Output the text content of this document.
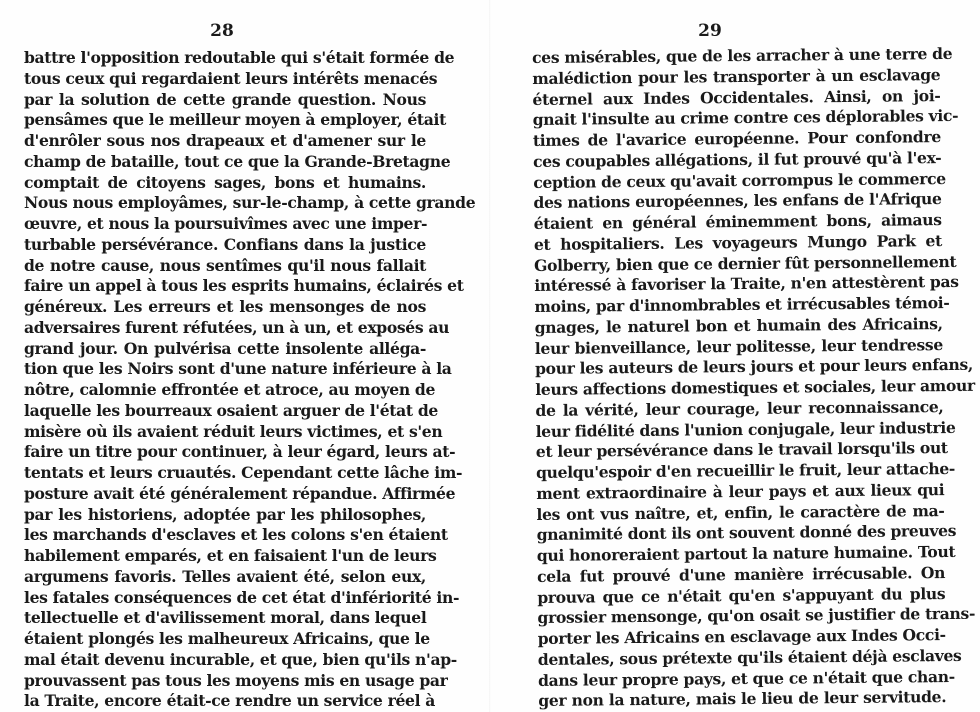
28
battre l'opposition redoutable qui s'était formée de
tous ceux qui regardaient leurs intérêts menacés
par la solution de cette grande question. Nous
pensâmes que le meilleur moyen à employer, était
d'enrôler sous nos drapeaux et d'amener sur le
champ de bataille, tout ce que la Grande-Bretagne
comptait de citoyens sages, bons et humains.
Nous nous employâmes, sur-le-champ, à cette grande
œuvre, et nous la poursuivîmes avec une imper-
turbable persévérance. Confians dans la justice
de notre cause, nous sentîmes qu'il nous fallait
faire un appel à tous les esprits humains, éclairés et
généreux. Les erreurs et les mensonges de nos
adversaires furent réfutées, un à un, et exposés au
grand jour. On pulvérisa cette insolente alléga-
tion que les Noirs sont d'une nature inférieure à la
nôtre, calomnie effrontée et atroce, au moyen de
laquelle les bourreaux osaient arguer de l'état de
misère où ils avaient réduit leurs victimes, et s'en
faire un titre pour continuer, à leur égard, leurs at-
tentats et leurs cruautés. Cependant cette lâche im-
posture avait été généralement répandue. Affirmée
par les historiens, adoptée par les philosophes,
les marchands d'esclaves et les colons s'en étaient
habilement emparés, et en faisaient l'un de leurs
argumens favoris. Telles avaient été, selon eux,
les fatales conséquences de cet état d'infériorité in-
tellectuelle et d'avilissement moral, dans lequel
étaient plongés les malheureux Africains, que le
mal était devenu incurable, et que, bien qu'ils n'ap-
prouvassent pas tous les moyens mis en usage par
la Traite, encore était-ce rendre un service réel à
29
ces misérables, que de les arracher à une terre de
malédiction pour les transporter à un esclavage
éternel aux Indes Occidentales. Ainsi, on joi-
gnait l'insulte au crime contre ces déplorables vic-
times de l'avarice européenne. Pour confondre
ces coupables allégations, il fut prouvé qu'à l'ex-
ception de ceux qu'avait corrompus le commerce
des nations européennes, les enfans de l'Afrique
étaient en général éminemment bons, aimaus
et hospitaliers. Les voyageurs Mungo Park et
Golberry, bien que ce dernier fût personnellement
intéressé à favoriser la Traite, n'en attestèrent pas
moins, par d'innombrables et irrécusables témoi-
gnages, le naturel bon et humain des Africains,
leur bienveillance, leur politesse, leur tendresse
pour les auteurs de leurs jours et pour leurs enfans,
leurs affections domestiques et sociales, leur amour
de la vérité, leur courage, leur reconnaissance,
leur fidélité dans l'union conjugale, leur industrie
et leur persévérance dans le travail lorsqu'ils out
quelqu'espoir d'en recueillir le fruit, leur attache-
ment extraordinaire à leur pays et aux lieux qui
les ont vus naître, et, enfin, le caractère de ma-
gnanimité dont ils ont souvent donné des preuves
qui honoreraient partout la nature humaine. Tout
cela fut prouvé d'une manière irrécusable. On
prouva que ce n'était qu'en s'appuyant du plus
grossier mensonge, qu'on osait se justifier de trans-
porter les Africains en esclavage aux Indes Occi-
dentales, sous prétexte qu'ils étaient déjà esclaves
dans leur propre pays, et que ce n'était que chan-
ger non la nature, mais le lieu de leur servitude.
